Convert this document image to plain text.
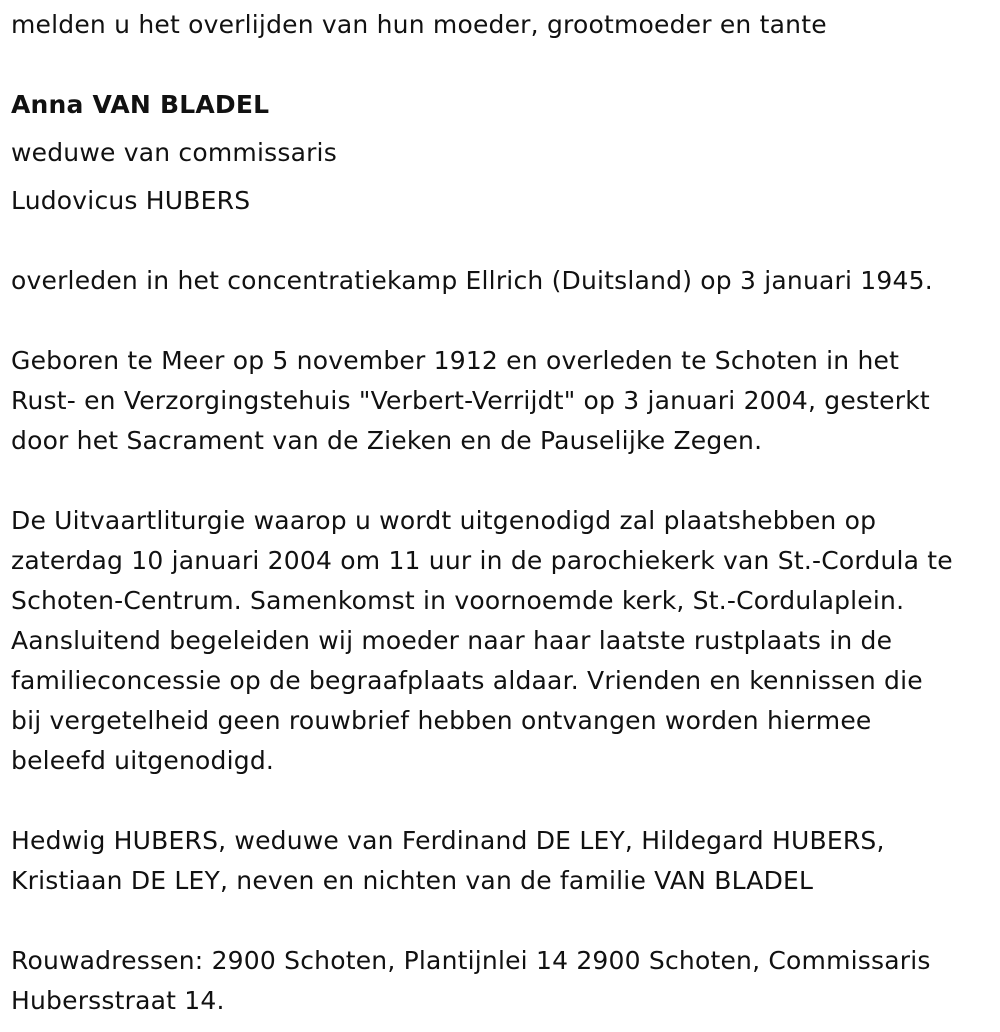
melden u het overlijden van hun moeder, grootmoeder en tante

Anna VAN BLADEL

weduwe van commissaris

Ludovicus HUBERS

overleden in het concentratiekamp Ellrich (Duitsland) op 3 januari 1945.

Geboren te Meer op 5 november 1912 en overleden te Schoten in het
Rust- en Verzorgingstehuis "Verbert-Verrijdt" op 3 januari 2004, gesterkt
door het Sacrament van de Zieken en de Pauselijke Zegen.
De Uitvaartliturgie waarop u wordt uitgenodigd zal plaatshebben op
zaterdag 10 januari 2004 om 11 uur in de parochiekerk van St.-Cordula te
Schoten-Centrum. Samenkomst in voornoemde kerk, St.-Cordulaplein.
Aansluitend begeleiden wij moeder naar haar laatste rustplaats in de
familieconcessie op de begraafplaats aldaar. Vrienden en kennissen die
bij vergetelheid geen rouwbrief hebben ontvangen worden hiermee
beleefd uitgenodigd.
Hedwig HUBERS, weduwe van Ferdinand DE LEY, Hildegard HUBERS,
Kristiaan DE LEY, neven en nichten van de familie VAN BLADEL
Rouwadressen: 2900 Schoten, Plantijnlei 14 2900 Schoten, Commissaris
Hubersstraat 14.
